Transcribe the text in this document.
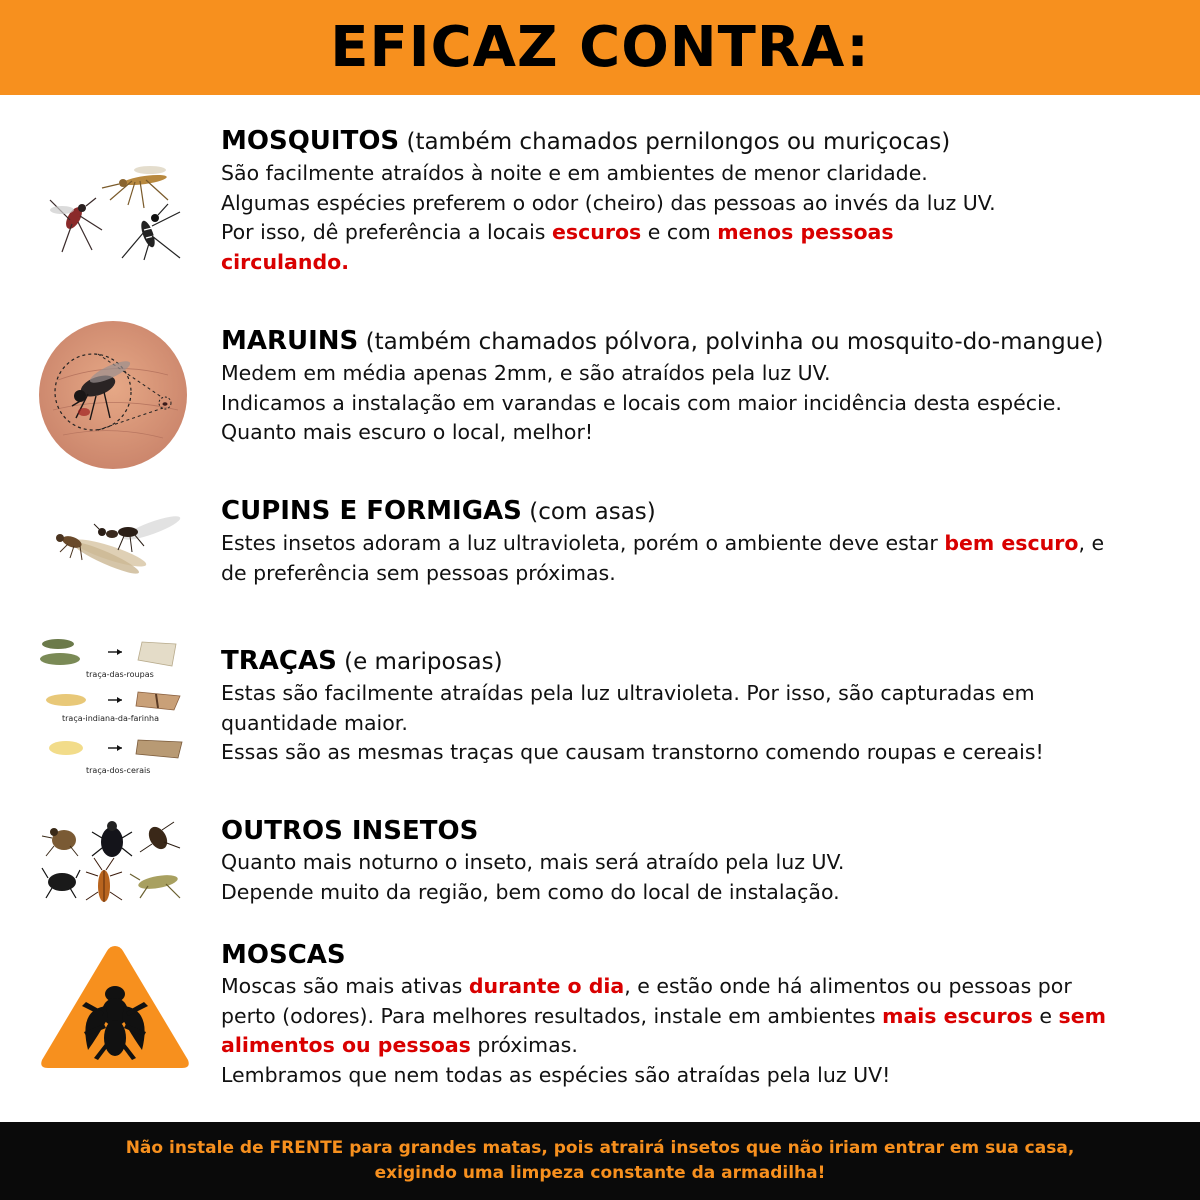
EFICAZ CONTRA:
MOSQUITOS (também chamados pernilongos ou muriçocas)
São facilmente atraídos à noite e em ambientes de menor claridade.
Algumas espécies preferem o odor (cheiro) das pessoas ao invés da luz UV.
Por isso, dê preferência a locais escuros e com menos pessoas
circulando.
MARUINS (também chamados pólvora, polvinha ou mosquito-do-mangue)
Medem em média apenas 2mm, e são atraídos pela luz UV.
Indicamos a instalação em varandas e locais com maior incidência desta espécie.
Quanto mais escuro o local, melhor!
CUPINS E FORMIGAS (com asas)
Estes insetos adoram a luz ultravioleta, porém o ambiente deve estar bem escuro, e
de preferência sem pessoas próximas.
traça-das-roupas
traça-indiana-da-farinha
traça-dos-cerais
TRAÇAS (e mariposas)
Estas são facilmente atraídas pela luz ultravioleta. Por isso, são capturadas em
quantidade maior.
Essas são as mesmas traças que causam transtorno comendo roupas e cereais!
OUTROS INSETOS
Quanto mais noturno o inseto, mais será atraído pela luz UV.
Depende muito da região, bem como do local de instalação.
MOSCAS
Moscas são mais ativas durante o dia, e estão onde há alimentos ou pessoas por
perto (odores). Para melhores resultados, instale em ambientes mais escuros e sem
alimentos ou pessoas próximas.
Lembramos que nem todas as espécies são atraídas pela luz UV!
Não instale de FRENTE para grandes matas, pois atrairá insetos que não iriam entrar em sua casa,
exigindo uma limpeza constante da armadilha!
